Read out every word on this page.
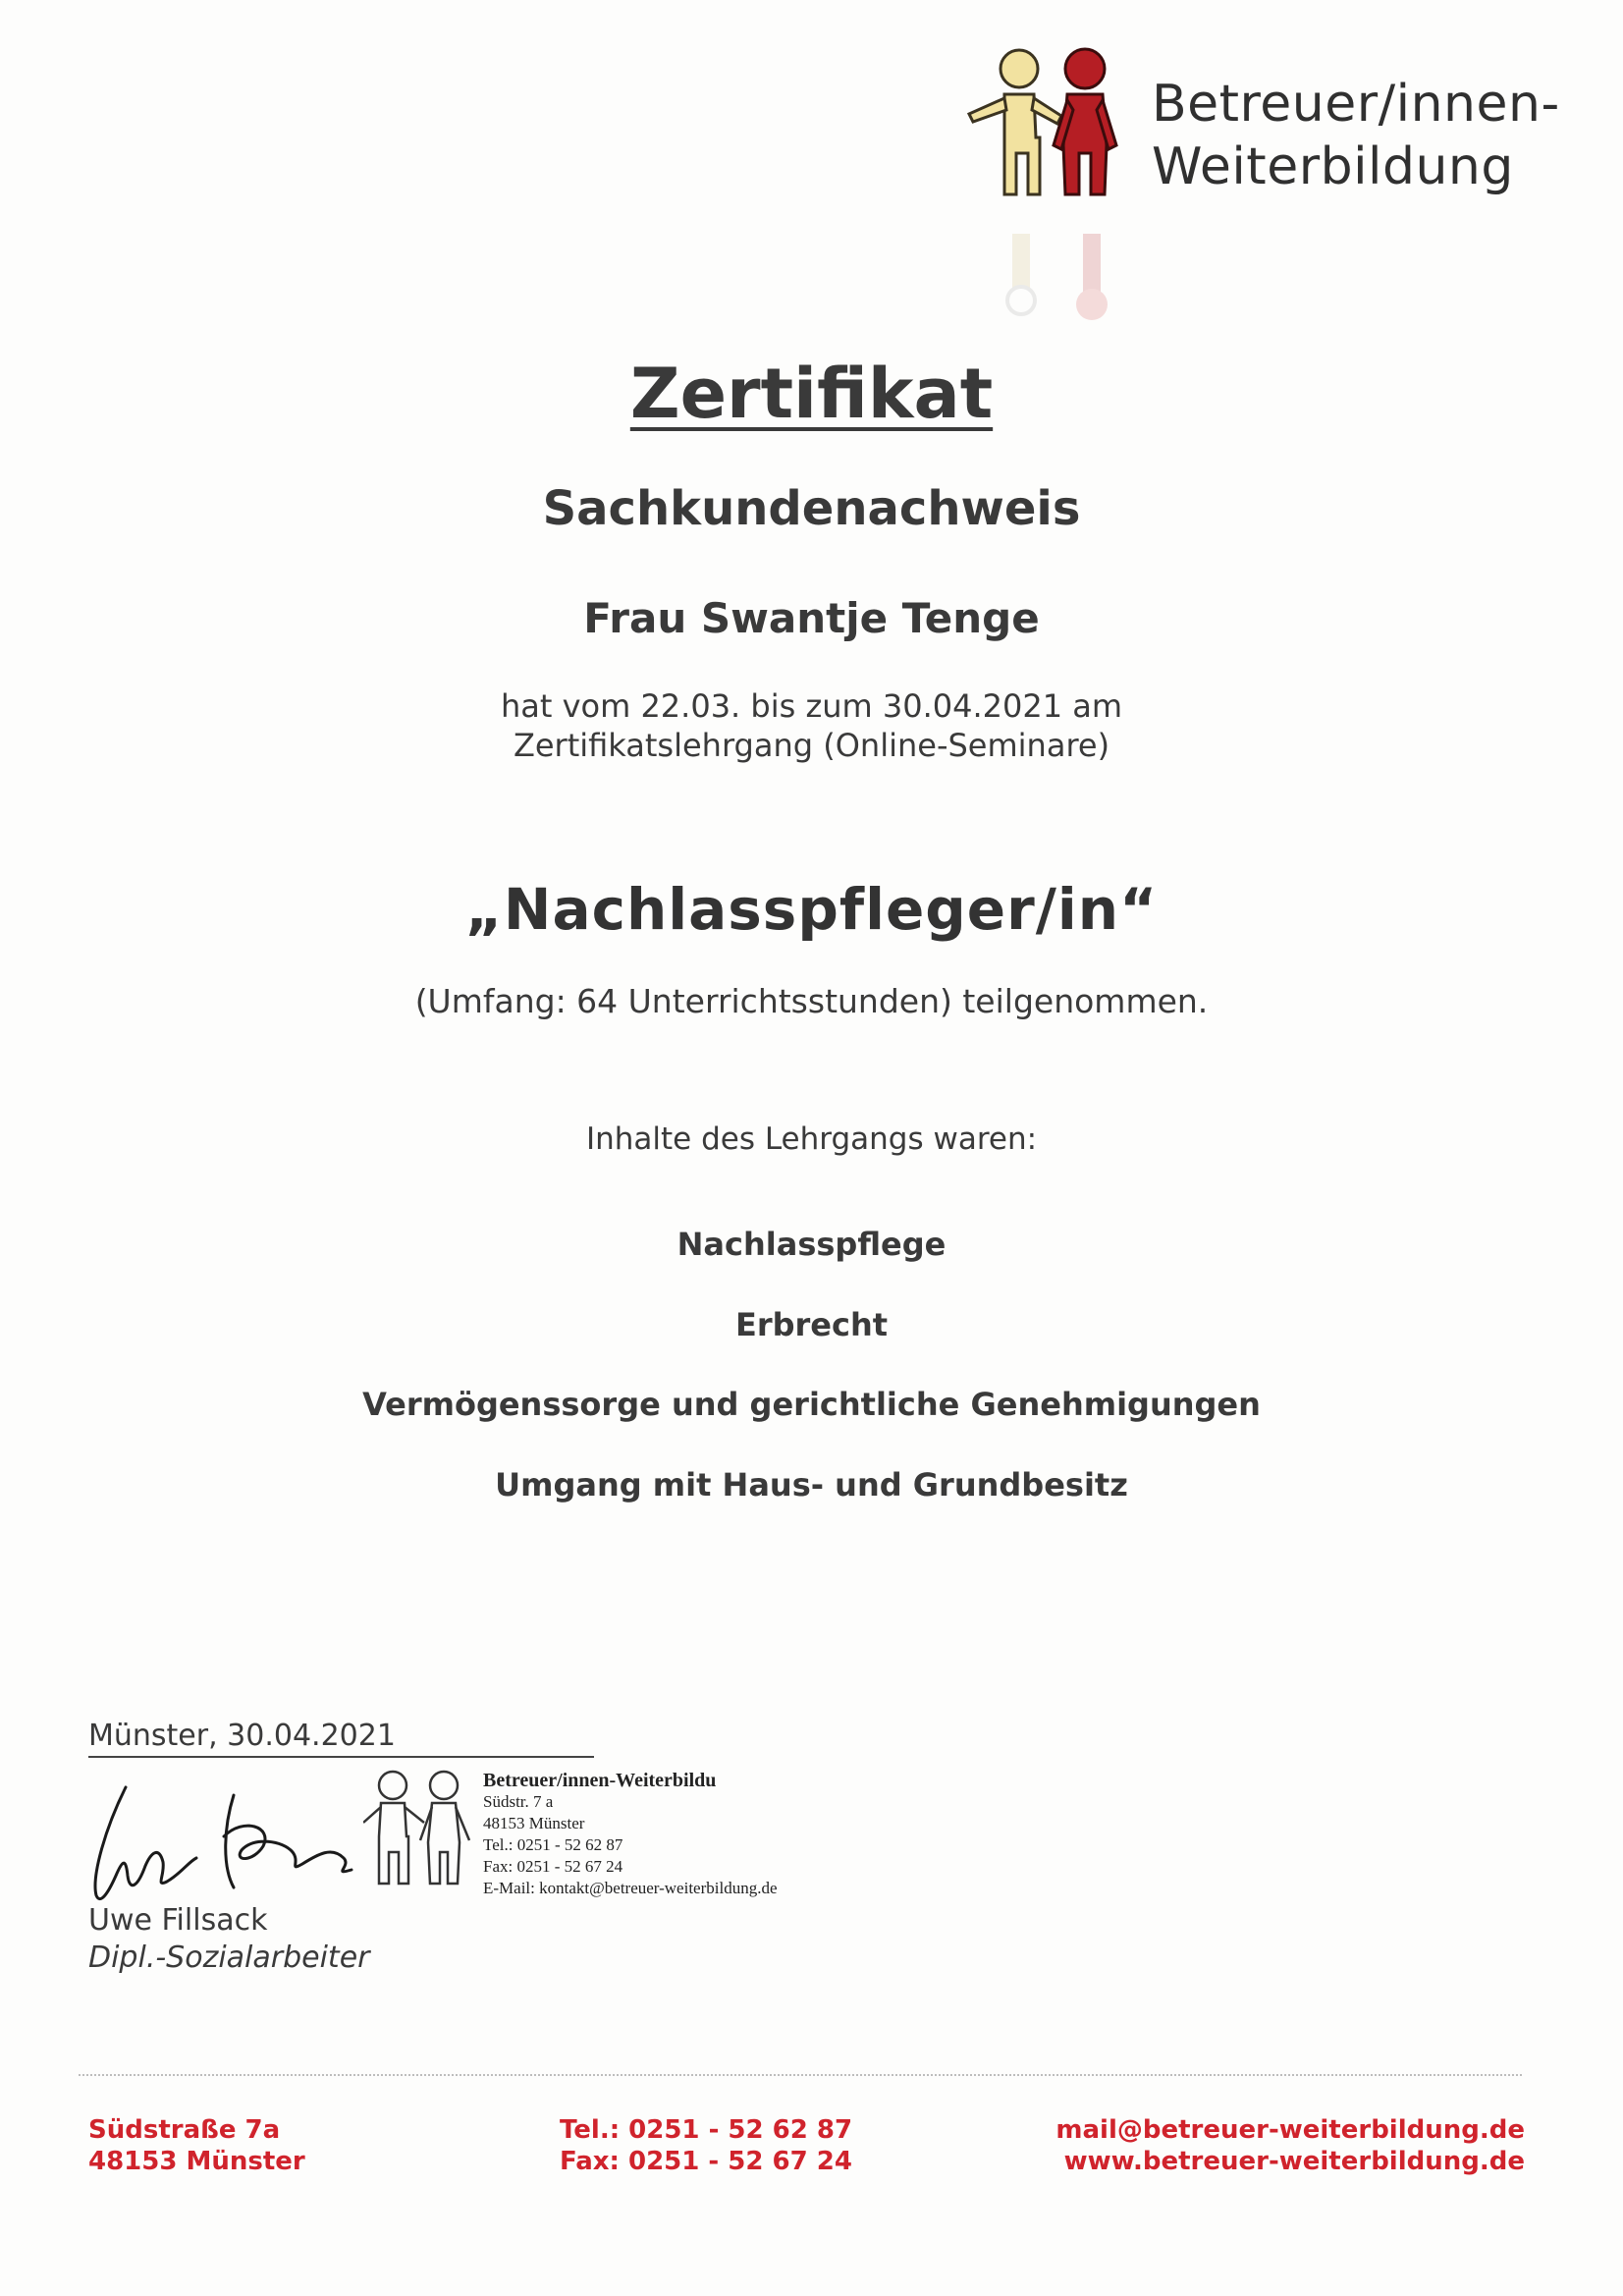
Betreuer/innen-
Weiterbildung
Zertifikat
Sachkundenachweis
Frau Swantje Tenge
hat vom 22.03. bis zum 30.04.2021 am
Zertifikatslehrgang (Online-Seminare)
„Nachlasspfleger/in“
(Umfang: 64 Unterrichtsstunden) teilgenommen.
Inhalte des Lehrgangs waren:
Nachlasspflege
Erbrecht
Vermögenssorge und gerichtliche Genehmigungen
Umgang mit Haus- und Grundbesitz
Münster, 30.04.2021
Betreuer/innen-Weiterbildu
Südstr. 7 a
48153 Münster
Tel.: 0251 - 52 62 87
Fax: 0251 - 52 67 24
E-Mail: kontakt@betreuer-weiterbildung.de
Uwe Fillsack
Dipl.-Sozialarbeiter
Südstraße 7a
48153 Münster
Tel.: 0251 - 52 62 87
Fax: 0251 - 52 67 24
mail@betreuer-weiterbildung.de
www.betreuer-weiterbildung.de
